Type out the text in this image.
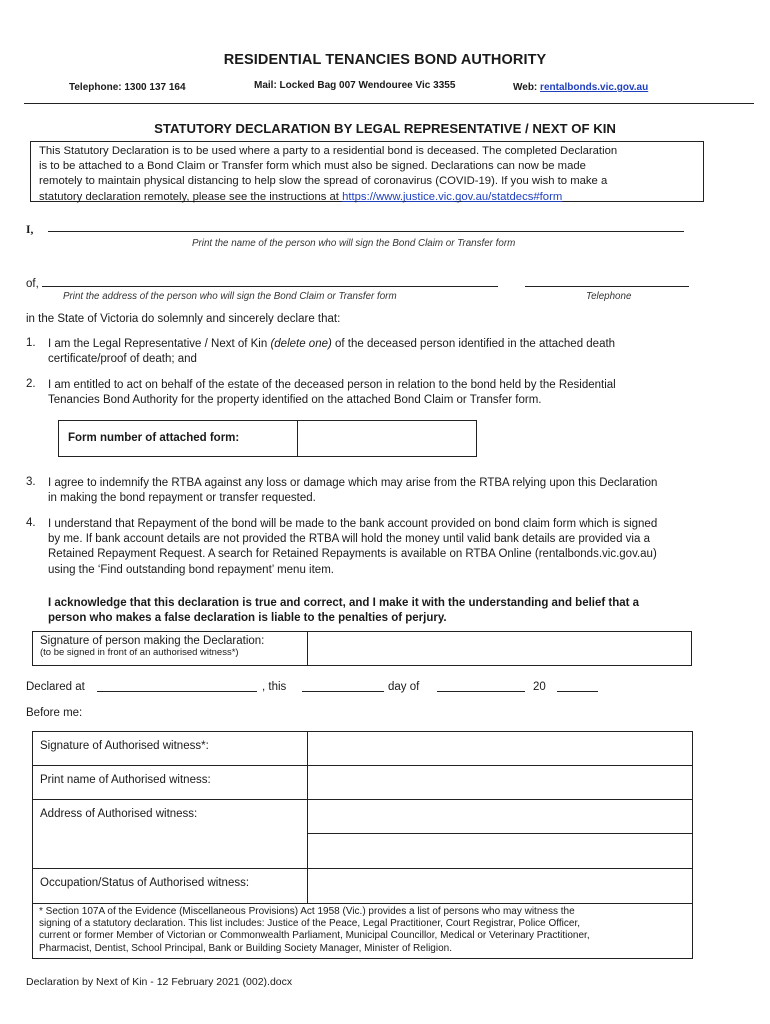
RESIDENTIAL TENANCIES BOND AUTHORITY
Telephone: 1300 137 164	Mail: Locked Bag 007 Wendouree Vic 3355	Web: rentalbonds.vic.gov.au
STATUTORY DECLARATION BY LEGAL REPRESENTATIVE / NEXT OF KIN
This Statutory Declaration is to be used where a party to a residential bond is deceased. The completed Declaration
is to be attached to a Bond Claim or Transfer form which must also be signed. Declarations can now be made
remotely to maintain physical distancing to help slow the spread of coronavirus (COVID-19). If you wish to make a
statutory declaration remotely, please see the instructions at https://www.justice.vic.gov.au/statdecs#form
I,
Print the name of the person who will sign the Bond Claim or Transfer form
of,
Print the address of the person who will sign the Bond Claim or Transfer form	Telephone
in the State of Victoria do solemnly and sincerely declare that:
1. I am the Legal Representative / Next of Kin (delete one) of the deceased person identified in the attached death
certificate/proof of death; and
2. I am entitled to act on behalf of the estate of the deceased person in relation to the bond held by the Residential
Tenancies Bond Authority for the property identified on the attached Bond Claim or Transfer form.
Form number of attached form:
3. I agree to indemnify the RTBA against any loss or damage which may arise from the RTBA relying upon this Declaration
in making the bond repayment or transfer requested.
4. I understand that Repayment of the bond will be made to the bank account provided on bond claim form which is signed
by me. If bank account details are not provided the RTBA will hold the money until valid bank details are provided via a
Retained Repayment Request. A search for Retained Repayments is available on RTBA Online (rentalbonds.vic.gov.au)
using the ‘Find outstanding bond repayment’ menu item.
I acknowledge that this declaration is true and correct, and I make it with the understanding and belief that a
person who makes a false declaration is liable to the penalties of perjury.
Signature of person making the Declaration:
(to be signed in front of an authorised witness*)
Declared at	, this	day of	20
Before me:
Signature of Authorised witness*:
Print name of Authorised witness:
Address of Authorised witness:
Occupation/Status of Authorised witness:
* Section 107A of the Evidence (Miscellaneous Provisions) Act 1958 (Vic.) provides a list of persons who may witness the
signing of a statutory declaration. This list includes: Justice of the Peace, Legal Practitioner, Court Registrar, Police Officer,
current or former Member of Victorian or Commonwealth Parliament, Municipal Councillor, Medical or Veterinary Practitioner,
Pharmacist, Dentist, School Principal, Bank or Building Society Manager, Minister of Religion.
Declaration by Next of Kin - 12 February 2021 (002).docx
